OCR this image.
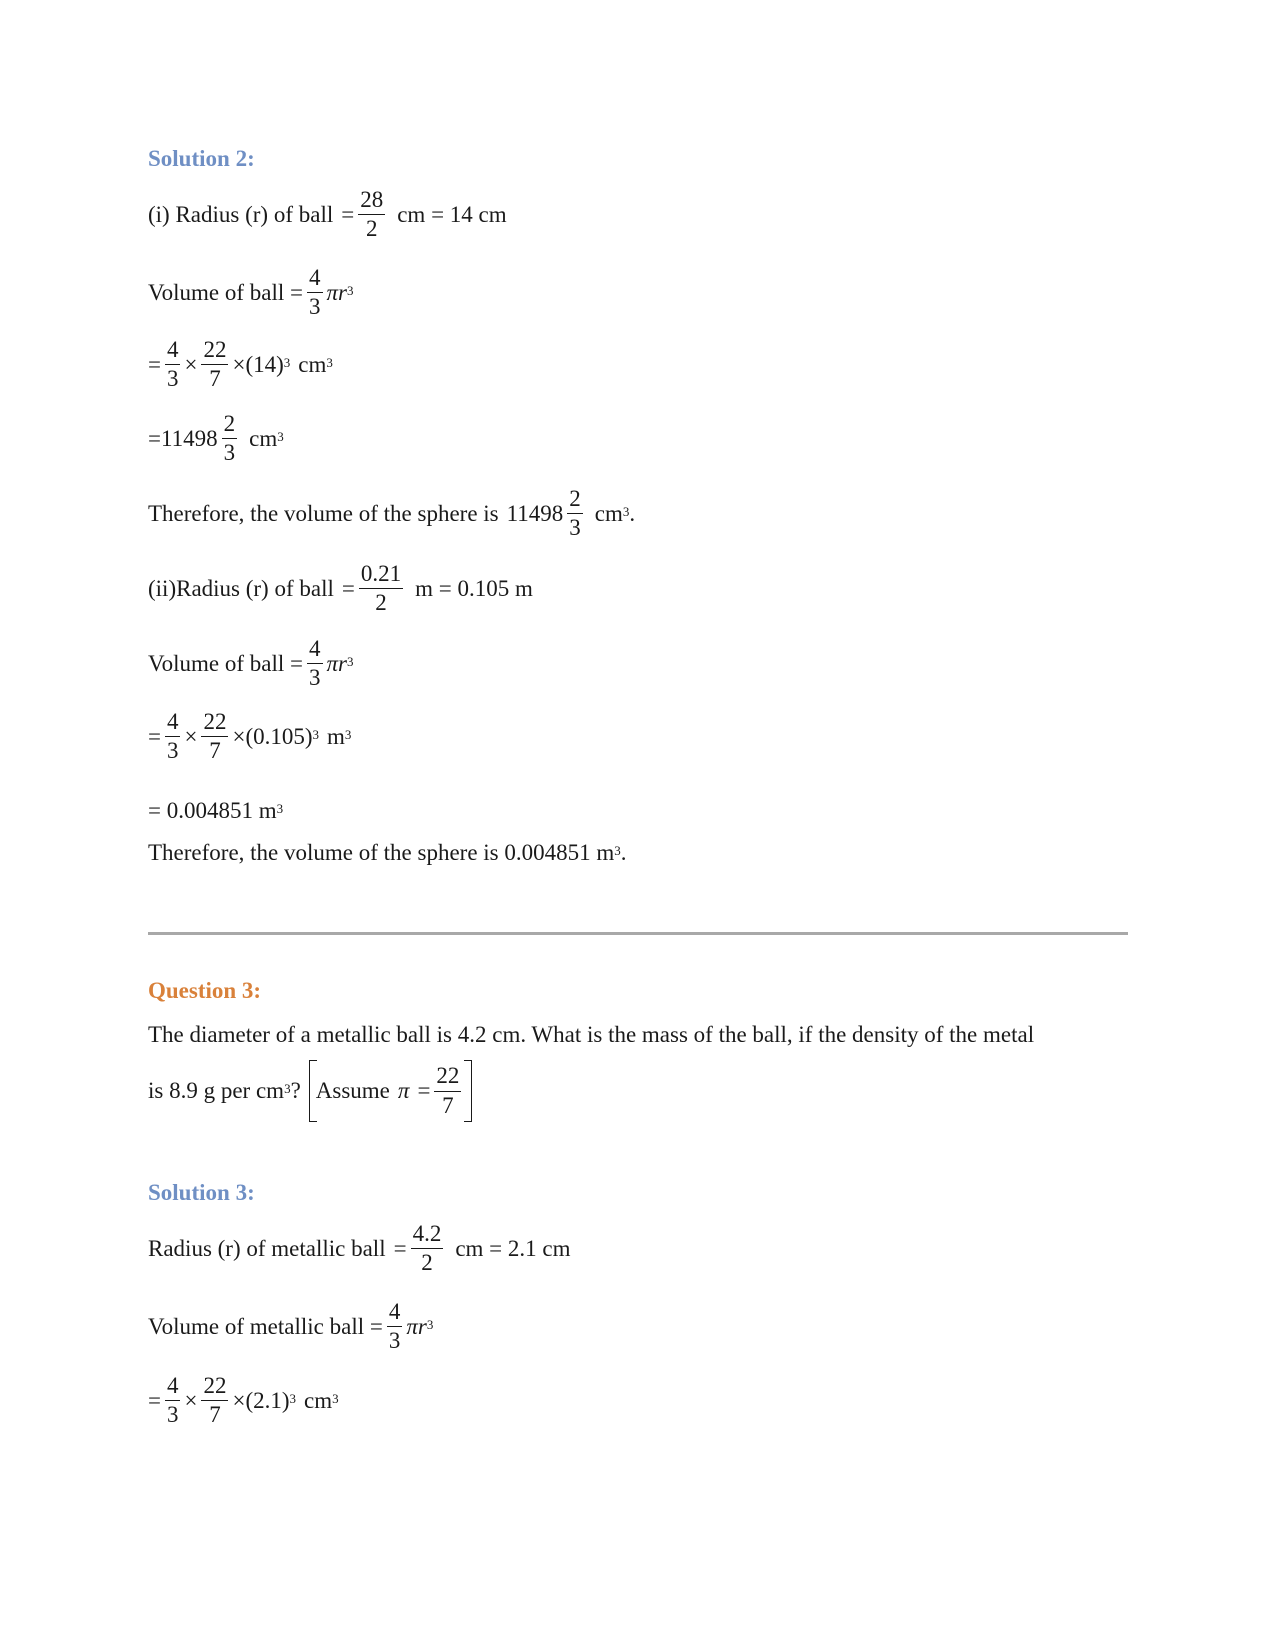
Solution 2:
(i) Radius (r) of ball = $\frac{28}{2}$ cm = 14 cm
Volume of ball = $\frac{4}{3}$ π $r^3$
= $\frac{4}{3} \times \frac{22}{7} \times (14)^3$ $cm^3$
= $11498 \frac{2}{3} cm^3$
Therefore, the volume of the sphere is $11498 \frac{2}{3} cm^3$ .
(ii)Radius (r) of ball = $\frac{0.21}{2}$ m = 0.105 m
Volume of ball = $\frac{4}{3}$ π $r^3$
= $\frac{4}{3} \times \frac{22}{7} \times (0.105)^3$ $m^3$
= 0.004851 $m^3$
Therefore, the volume of the sphere is 0.004851 $m^3$ .
Question 3:
The diameter of a metallic ball is 4.2 cm. What is the mass of the ball, if the density of the metal
is 8.9 g per $cm^3$ ? Assume $\pi = \frac{22}{7}$
Solution 3:
Radius (r) of metallic ball = $\frac{4.2}{2}$ cm = 2.1 cm
Volume of metallic ball = $\frac{4}{3}$ π $r^3$
= $\frac{4}{3} \times \frac{22}{7} \times (2.1)^3$ $cm^3$
